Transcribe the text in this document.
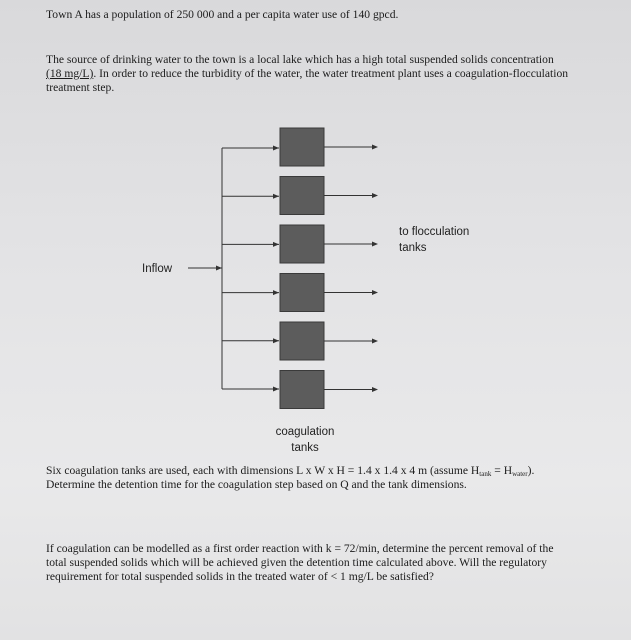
Town A has a population of 250 000 and a per capita water use of 140 gpcd.

The source of drinking water to the town is a local lake which has a high total suspended solids concentration (18 mg/L). In order to reduce the turbidity of the water, the water treatment plant uses a coagulation-flocculation treatment step.

Inflow
to flocculation tanks
coagulation tanks

Six coagulation tanks are used, each with dimensions L x W x H = 1.4 x 1.4 x 4 m (assume $H_{tank} = H_{water}$). Determine the detention time for the coagulation step based on Q and the tank dimensions.

If coagulation can be modelled as a first order reaction with k = 72/min, determine the percent removal of the total suspended solids which will be achieved given the detention time calculated above. Will the regulatory requirement for total suspended solids in the treated water of < 1 mg/L be satisfied?
